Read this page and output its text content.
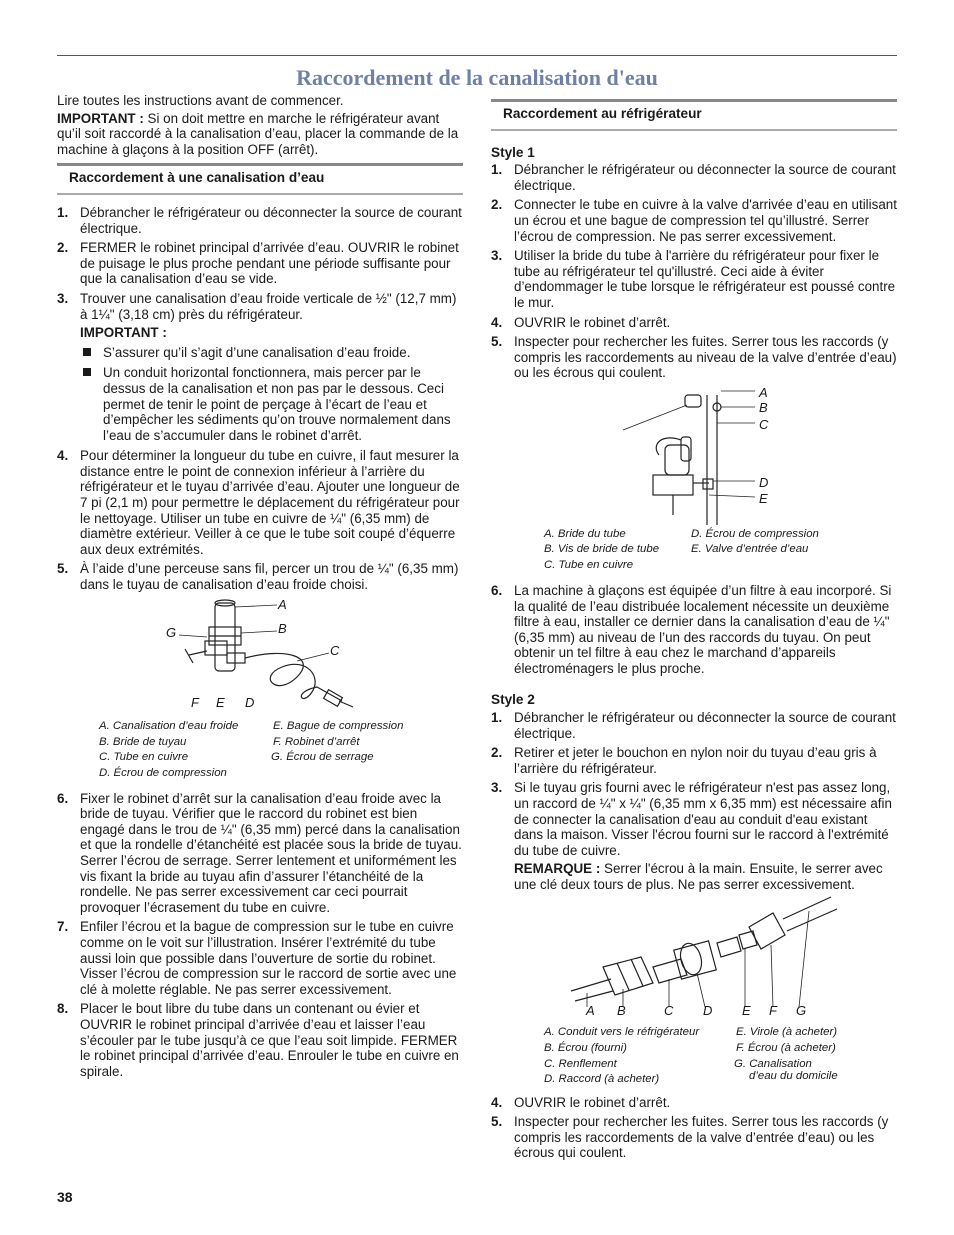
Raccordement de la canalisation d'eau

Lire toutes les instructions avant de commencer.

IMPORTANT : Si on doit mettre en marche le réfrigérateur avant qu’il soit raccordé à la canalisation d’eau, placer la commande de la machine à glaçons à la position OFF (arrêt).

Raccordement à une canalisation d’eau
1. Débrancher le réfrigérateur ou déconnecter la source de courant électrique.
2. FERMER le robinet principal d’arrivée d’eau. OUVRIR le robinet de puisage le plus proche pendant une période suffisante pour que la canalisation d’eau se vide.
3. Trouver une canalisation d’eau froide verticale de ½" (12,7 mm) à 1¼" (3,18 cm) près du réfrigérateur.
IMPORTANT :
S’assurer qu’il s’agit d’une canalisation d’eau froide.
Un conduit horizontal fonctionnera, mais percer par le dessus de la canalisation et non pas par le dessous. Ceci permet de tenir le point de perçage à l’écart de l’eau et d’empêcher les sédiments qu’on trouve normalement dans l’eau de s’accumuler dans le robinet d’arrêt.
4. Pour déterminer la longueur du tube en cuivre, il faut mesurer la distance entre le point de connexion inférieur à l’arrière du réfrigérateur et le tuyau d’arrivée d’eau. Ajouter une longueur de 7 pi (2,1 m) pour permettre le déplacement du réfrigérateur pour le nettoyage. Utiliser un tube en cuivre de ¼" (6,35 mm) de diamètre extérieur. Veiller à ce que le tube soit coupé d’équerre aux deux extrémités.
5. À l’aide d’une perceuse sans fil, percer un trou de ¼" (6,35 mm) dans le tuyau de canalisation d’eau froide choisi.
A
B
C
G
F E D
A. Canalisation d’eau froide
B. Bride de tuyau
C. Tube en cuivre
D. Écrou de compression
E. Bague de compression
F. Robinet d’arrêt
G. Écrou de serrage
6. Fixer le robinet d’arrêt sur la canalisation d’eau froide avec la bride de tuyau. Vérifier que le raccord du robinet est bien engagé dans le trou de ¼" (6,35 mm) percé dans la canalisation et que la rondelle d’étanchéité est placée sous la bride de tuyau. Serrer l’écrou de serrage. Serrer lentement et uniformément les vis fixant la bride au tuyau afin d’assurer l’étanchéité de la rondelle. Ne pas serrer excessivement car ceci pourrait provoquer l’écrasement du tube en cuivre.
7. Enfiler l’écrou et la bague de compression sur le tube en cuivre comme on le voit sur l’illustration. Insérer l’extrémité du tube aussi loin que possible dans l’ouverture de sortie du robinet. Visser l’écrou de compression sur le raccord de sortie avec une clé à molette réglable. Ne pas serrer excessivement.
8. Placer le bout libre du tube dans un contenant ou évier et OUVRIR le robinet principal d’arrivée d’eau et laisser l’eau s’écouler par le tube jusqu’à ce que l’eau soit limpide. FERMER le robinet principal d’arrivée d’eau. Enrouler le tube en cuivre en spirale.
Raccordement au réfrigérateur
Style 1
1. Débrancher le réfrigérateur ou déconnecter la source de courant électrique.
2. Connecter le tube en cuivre à la valve d'arrivée d’eau en utilisant un écrou et une bague de compression tel qu’illustré. Serrer l’écrou de compression. Ne pas serrer excessivement.
3. Utiliser la bride du tube à l'arrière du réfrigérateur pour fixer le tube au réfrigérateur tel qu'illustré. Ceci aide à éviter d’endommager le tube lorsque le réfrigérateur est poussé contre le mur.
4. OUVRIR le robinet d’arrêt.
5. Inspecter pour rechercher les fuites. Serrer tous les raccords (y compris les raccordements au niveau de la valve d’entrée d’eau) ou les écrous qui coulent.
A
B
C
D
E
A. Bride du tube
B. Vis de bride de tube
C. Tube en cuivre
D. Écrou de compression
E. Valve d’entrée d’eau
6. La machine à glaçons est équipée d’un filtre à eau incorporé. Si la qualité de l’eau distribuée localement nécessite un deuxième filtre à eau, installer ce dernier dans la canalisation d’eau de ¼" (6,35 mm) au niveau de l’un des raccords du tuyau. On peut obtenir un tel filtre à eau chez le marchand d’appareils électroménagers le plus proche.
Style 2
1. Débrancher le réfrigérateur ou déconnecter la source de courant électrique.
2. Retirer et jeter le bouchon en nylon noir du tuyau d’eau gris à l’arrière du réfrigérateur.
3. Si le tuyau gris fourni avec le réfrigérateur n'est pas assez long, un raccord de ¼" x ¼" (6,35 mm x 6,35 mm) est nécessaire afin de connecter la canalisation d'eau au conduit d'eau existant dans la maison. Visser l'écrou fourni sur le raccord à l'extrémité du tube de cuivre.

REMARQUE : Serrer l'écrou à la main. Ensuite, le serrer avec une clé deux tours de plus. Ne pas serrer excessivement.

A B	C D E F G
A. Conduit vers le réfrigérateur
B. Écrou (fourni)
C. Renflement
D. Raccord (à acheter)
E. Virole (à acheter)
F. Écrou (à acheter)
G. Canalisation
d’eau du domicile
4. OUVRIR le robinet d’arrêt.
5. Inspecter pour rechercher les fuites. Serrer tous les raccords (y compris les raccordements de la valve d’entrée d’eau) ou les écrous qui coulent.
38
